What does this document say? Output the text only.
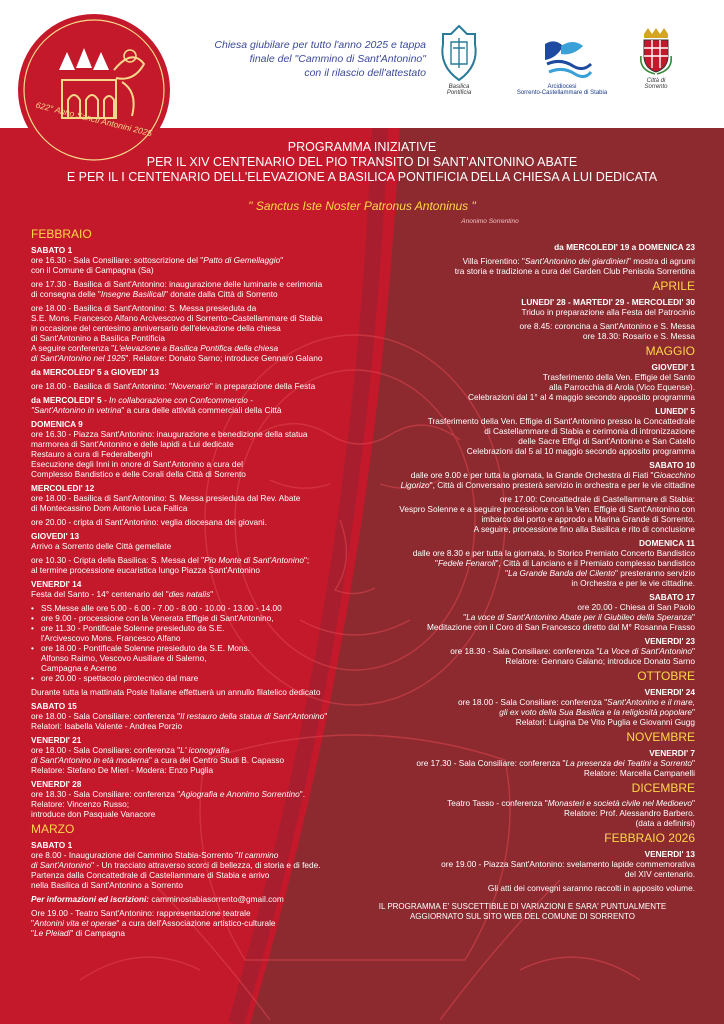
622° Anno Sancti Antonini 2025
Chiesa giubilare per tutto l'anno 2025 e tappa
finale del "Cammino di Sant'Antonino"
con il rilascio dell'attestato
Basilica
Pontificia
Arcidiocesi
Sorrento-Castellammare di Stabia
Città di
Sorrento
PROGRAMMA INIZIATIVE
PER IL XIV CENTENARIO DEL PIO TRANSITO DI SANT'ANTONINO ABATE
E PER IL I CENTENARIO DELL'ELEVAZIONE A BASILICA PONTIFICIA DELLA CHIESA A LUI DEDICATA
" Sanctus Iste Noster Patronus Antoninus "
Anonimo Sorrentino
FEBBRAIO
SABATO 1
ore 16.30 - Sala Consiliare: sottoscrizione del "Patto di Gemellaggio"
con il Comune di Campagna (Sa)
ore 17.30 - Basilica di Sant'Antonino: inaugurazione delle luminarie e cerimonia
di consegna delle "Insegne Basilicali" donate dalla Città di Sorrento
ore 18.00 - Basilica di Sant'Antonino: S. Messa presieduta da
S.E. Mons. Francesco Alfano Arcivescovo di Sorrento–Castellammare di Stabia
in occasione del centesimo anniversario dell'elevazione della chiesa
di Sant'Antonino a Basilica Pontificia
A seguire conferenza "L'elevazione a Basilica Pontifica della chiesa
di Sant'Antonino nel 1925". Relatore: Donato Sarno; introduce Gennaro Galano
da MERCOLEDI' 5 a GIOVEDI' 13
ore 18.00 - Basilica di Sant'Antonino: "Novenario" in preparazione della Festa
da MERCOLEDI' 5 - In collaborazione con Confcommercio -
"Sant'Antonino in vetrina" a cura delle attività commerciali della Città
DOMENICA 9
ore 16.30 - Piazza Sant'Antonino: inaugurazione e benedizione della statua
marmorea di Sant'Antonino e delle lapidi a Lui dedicate
Restauro a cura di Federalberghi
Esecuzione degli Inni in onore di Sant'Antonino a cura del
Complesso Bandistico e delle Corali della Città di Sorrento
MERCOLEDI' 12
ore 18.00 - Basilica di Sant'Antonino: S. Messa presieduta dal Rev. Abate
di Montecassino Dom Antonio Luca Fallica
ore 20.00 - cripta di Sant'Antonino: veglia diocesana dei giovani.
GIOVEDI' 13
Arrivo a Sorrento delle Città gemellate
ore 10.30 - Cripta della Basilica: S. Messa del "Pio Monte di Sant'Antonino";
al termine processione eucaristica lungo Piazza Sant'Antonino
VENERDI' 14
Festa del Santo - 14° centenario del "dies natalis"
• SS.Messe alle ore 5.00 - 6.00 - 7.00 - 8.00 - 10.00 - 13.00 - 14.00
• ore 9.00 - processione con la Venerata Effigie di Sant'Antonino,
• ore 11.30 - Pontificale Solenne presieduto da S.E.
l'Arcivescovo Mons. Francesco Alfano
• ore 18.00 - Pontificale Solenne presieduto da S.E. Mons.
Alfonso Raimo, Vescovo Ausiliare di Salerno,
Campagna e Acerno
• ore 20.00 - spettacolo pirotecnico dal mare
Durante tutta la mattinata Poste Italiane effettuerà un annullo filatelico dedicato
SABATO 15
ore 18.00 - Sala Consiliare: conferenza "Il restauro della statua di Sant'Antonino"
Relatori: Isabella Valente - Andrea Porzio
VENERDI' 21
ore 18.00 - Sala Consiliare: conferenza "L' iconografia
di Sant'Antonino in età moderna" a cura del Centro Studi B. Capasso
Relatore: Stefano De Mieri - Modera: Enzo Puglia
VENERDI' 28
ore 18.30 - Sala Consiliare: conferenza "Agiografia e Anonimo Sorrentino".
Relatore: Vincenzo Russo;
introduce don Pasquale Vanacore
MARZO
SABATO 1
ore 8.00 - Inaugurazione del Cammino Stabia-Sorrento "Il cammino
di Sant'Antonino" - Un tracciato attraverso scorci di bellezza, di storia e di fede.
Partenza dalla Concattedrale di Castellammare di Stabia e arrivo
nella Basilica di Sant'Antonino a Sorrento
Per informazioni ed iscrizioni: camminostabiasorrento@gmail.com
Ore 19.00 - Teatro Sant'Antonino: rappresentazione teatrale
"Antonini vita et operae" a cura dell'Associazione artistico-culturale
"Le Pleiadi" di Campagna
da MERCOLEDI' 19 a DOMENICA 23
Villa Fiorentino: "Sant'Antonino dei giardinieri" mostra di agrumi
tra storia e tradizione a cura del Garden Club Penisola Sorrentina
APRILE
LUNEDI' 28 - MARTEDI' 29 - MERCOLEDI' 30
Triduo in preparazione alla Festa del Patrocinio
ore 8.45: coroncina a Sant'Antonino e S. Messa
ore 18.30: Rosario e S. Messa
MAGGIO
GIOVEDI' 1
Trasferimento della Ven. Effigie del Santo
alla Parrocchia di Arola (Vico Equense).
Celebrazioni dal 1° al 4 maggio secondo apposito programma
LUNEDI' 5
Trasferimento della Ven. Effigie di Sant'Antonino presso la Concattedrale
di Castellammare di Stabia e cerimonia di intronizzazione
delle Sacre Effigi di Sant'Antonino e San Catello
Celebrazioni dal 5 al 10 maggio secondo apposito programma
SABATO 10
dalle ore 9.00 e per tutta la giornata, la Grande Orchestra di Fiati "Gioacchino
Ligorizo", Città di Conversano presterà servizio in orchestra e per le vie cittadine
ore 17.00: Concattedrale di Castellammare di Stabia:
Vespro Solenne e a seguire processione con la Ven. Effigie di Sant'Antonino con
imbarco dal porto e approdo a Marina Grande di Sorrento.
A seguire, processione fino alla Basilica e rito di conclusione
DOMENICA 11
dalle ore 8.30 e per tutta la giornata, lo Storico Premiato Concerto Bandistico
"Fedele Fenaroli", Città di Lanciano e il Premiato complesso bandistico
"La Grande Banda del Cilento" presteranno servizio
in Orchestra e per le vie cittadine.
SABATO 17
ore 20.00 - Chiesa di San Paolo
"La voce di Sant'Antonino Abate per il Giubileo della Speranza"
Meditazione con il Coro di San Francesco diretto dal M° Rosanna Frasso
VENERDI' 23
ore 18.30 - Sala Consiliare: conferenza "La Voce di Sant'Antonino"
Relatore: Gennaro Galano; introduce Donato Sarno
OTTOBRE
VENERDI' 24
ore 18.00 - Sala Consiliare: conferenza "Sant'Antonino e il mare,
gli ex voto della Sua Basilica e la religiosità popolare"
Relatori: Luigina De Vito Puglia e Giovanni Gugg
NOVEMBRE
VENERDI' 7
ore 17.30 - Sala Consiliare: conferenza "La presenza dei Teatini a Sorrento"
Relatore: Marcella Campanelli
DICEMBRE
Teatro Tasso - conferenza "Monasteri e società civile nel Medioevo"
Relatore: Prof. Alessandro Barbero.
(data a definirsi)
FEBBRAIO 2026
VENERDI' 13
ore 19.00 - Piazza Sant'Antonino: svelamento lapide commemorativa
del XIV centenario.
Gli atti dei convegni saranno raccolti in apposito volume.
IL PROGRAMMA E' SUSCETTIBILE DI VARIAZIONI E SARA' PUNTUALMENTE
AGGIORNATO SUL SITO WEB DEL COMUNE DI SORRENTO
